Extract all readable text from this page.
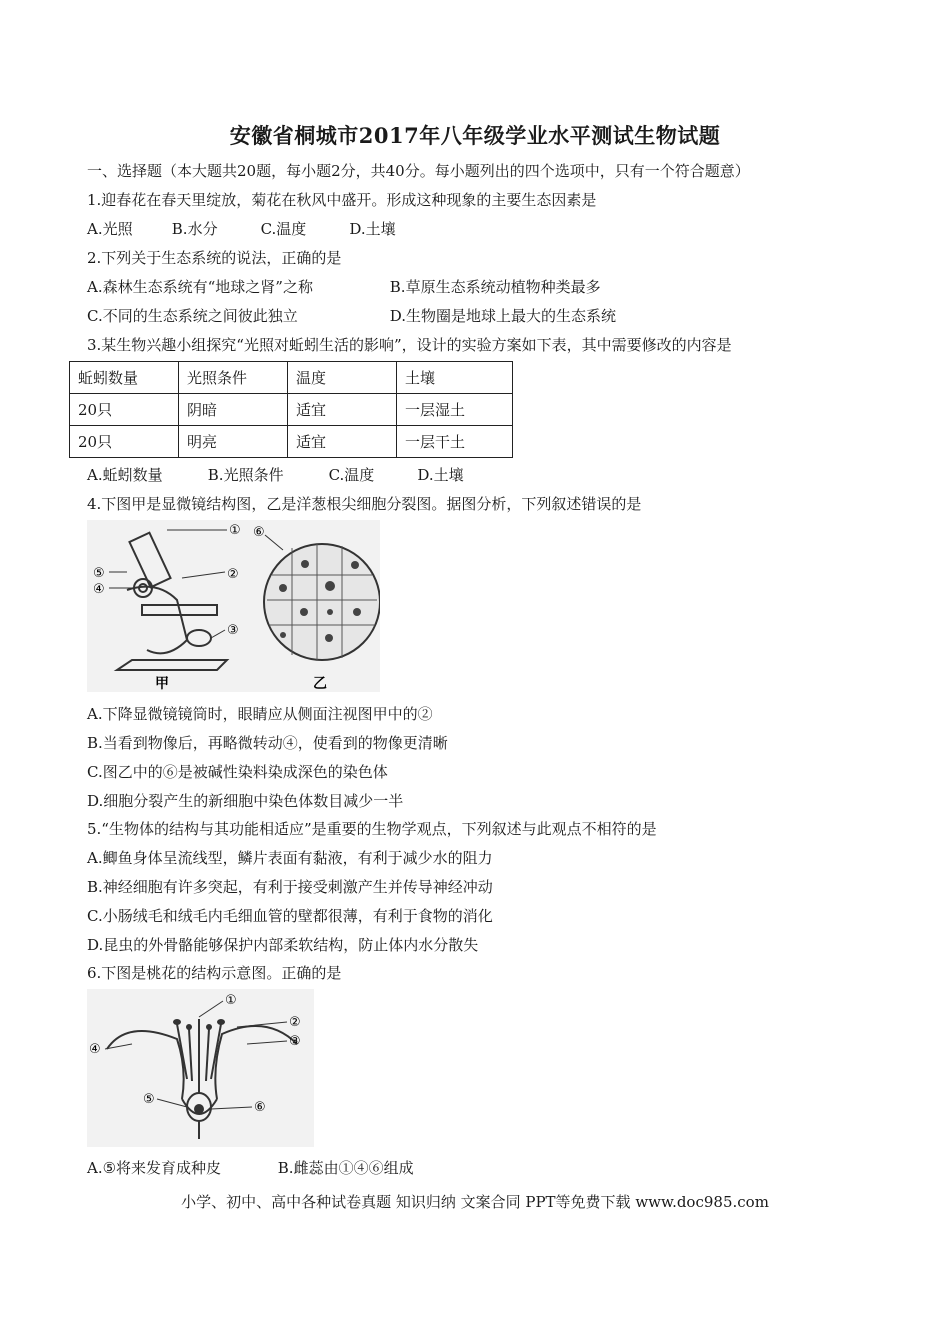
安徽省桐城市2017年八年级学业水平测试生物试题
一、选择题（本大题共20题，每小题2分，共40分。每小题列出的四个选项中，只有一个符合题意）
1.迎春花在春天里绽放，菊花在秋风中盛开。形成这种现象的主要生态因素是
A.光照	B.水分	C.温度	D.土壤
2.下列关于生态系统的说法，正确的是
A.森林生态系统有“地球之肾”之称	B.草原生态系统动植物种类最多
C.不同的生态系统之间彼此独立	D.生物圈是地球上最大的生态系统
3.某生物兴趣小组探究“光照对蚯蚓生活的影响”，设计的实验方案如下表，其中需要修改的内容是
蚯蚓数量	光照条件	温度	土壤
20只	阴暗	适宜	一层湿土
20只	明亮	适宜	一层干土
A.蚯蚓数量	B.光照条件	C.温度	D.土壤
4.下图甲是显微镜结构图，乙是洋葱根尖细胞分裂图。据图分析，下列叙述错误的是
①
②
③
⑤
④
甲
⑥
乙
A.下降显微镜镜筒时，眼睛应从侧面注视图甲中的②
B.当看到物像后，再略微转动④，使看到的物像更清晰
C.图乙中的⑥是被碱性染料染成深色的染色体
D.细胞分裂产生的新细胞中染色体数目减少一半
5.“生物体的结构与其功能相适应”是重要的生物学观点，下列叙述与此观点不相符的是
A.鲫鱼身体呈流线型，鳞片表面有黏液，有利于减少水的阻力
B.神经细胞有许多突起，有利于接受刺激产生并传导神经冲动
C.小肠绒毛和绒毛内毛细血管的壁都很薄，有利于食物的消化
D.昆虫的外骨骼能够保护内部柔软结构，防止体内水分散失
6.下图是桃花的结构示意图。正确的是
①
②
③
④
⑤
⑥
A.⑤将来发育成种皮	B.雌蕊由①④⑥组成
小学、初中、高中各种试卷真题 知识归纳 文案合同 PPT等免费下载 www.doc985.com
